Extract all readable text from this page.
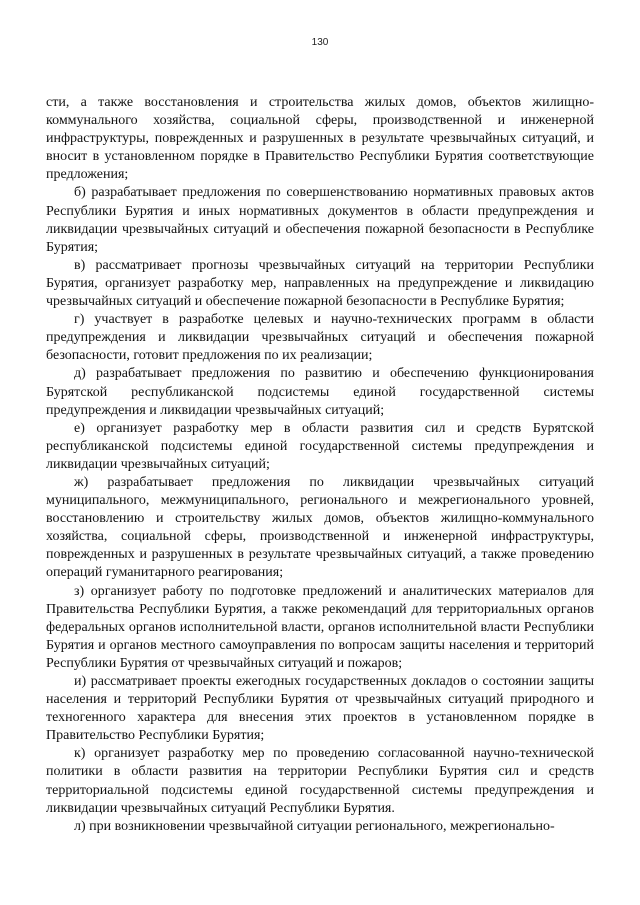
130

сти, а также восстановления и строительства жилых домов, объектов жилищно-коммунального хозяйства, социальной сферы, производственной и инженерной инфраструктуры, поврежденных и разрушенных в результате чрезвычайных ситуаций, и вносит в установленном порядке в Правительство Республики Бурятия соответствующие предложения;

б) разрабатывает предложения по совершенствованию нормативных правовых актов Республики Бурятия и иных нормативных документов в области предупреждения и ликвидации чрезвычайных ситуаций и обеспечения пожарной безопасности в Республике Бурятия;

в) рассматривает прогнозы чрезвычайных ситуаций на территории Республики Бурятия, организует разработку мер, направленных на предупреждение и ликвидацию чрезвычайных ситуаций и обеспечение пожарной безопасности в Республике Бурятия;

г) участвует в разработке целевых и научно-технических программ в области предупреждения и ликвидации чрезвычайных ситуаций и обеспечения пожарной безопасности, готовит предложения по их реализации;

д) разрабатывает предложения по развитию и обеспечению функционирования Бурятской республиканской подсистемы единой государственной системы предупреждения и ликвидации чрезвычайных ситуаций;

е) организует разработку мер в области развития сил и средств Бурятской республиканской подсистемы единой государственной системы предупреждения и ликвидации чрезвычайных ситуаций;

ж) разрабатывает предложения по ликвидации чрезвычайных ситуаций муниципального, межмуниципального, регионального и межрегионального уровней, восстановлению и строительству жилых домов, объектов жилищно-коммунального хозяйства, социальной сферы, производственной и инженерной инфраструктуры, поврежденных и разрушенных в результате чрезвычайных ситуаций, а также проведению операций гуманитарного реагирования;

з) организует работу по подготовке предложений и аналитических материалов для Правительства Республики Бурятия, а также рекомендаций для территориальных органов федеральных органов исполнительной власти, органов исполнительной власти Республики Бурятия и органов местного самоуправления по вопросам защиты населения и территорий Республики Бурятия от чрезвычайных ситуаций и пожаров;

и) рассматривает проекты ежегодных государственных докладов о состоянии защиты населения и территорий Республики Бурятия от чрезвычайных ситуаций природного и техногенного характера для внесения этих проектов в установленном порядке в Правительство Республики Бурятия;

к) организует разработку мер по проведению согласованной научно-технической политики в области развития на территории Республики Бурятия сил и средств территориальной подсистемы единой государственной системы предупреждения и ликвидации чрезвычайных ситуаций Республики Бурятия.

л) при возникновении чрезвычайной ситуации регионального, межрегионально-
